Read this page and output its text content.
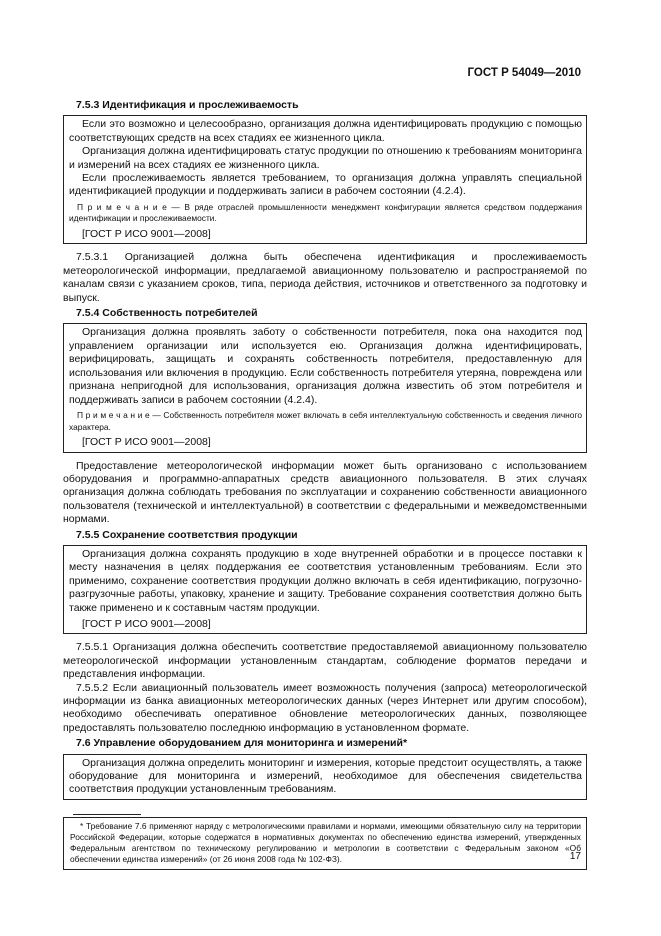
ГОСТ Р 54049—2010
7.5.3 Идентификация и прослеживаемость

Если это возможно и целесообразно, организация должна идентифицировать продукцию с помощью соответствующих средств на всех стадиях ее жизненного цикла.

Организация должна идентифицировать статус продукции по отношению к требованиям мониторинга и измерений на всех стадиях ее жизненного цикла.

Если прослеживаемость является требованием, то организация должна управлять специальной идентификацией продукции и поддерживать записи в рабочем состоянии (4.2.4).

П р и м е ч а н и е — В ряде отраслей промышленности менеджмент конфигурации является средством поддержания идентификации и прослеживаемости.
[ГОСТ Р ИСО 9001—2008]

7.5.3.1 Организацией должна быть обеспечена идентификация и прослеживаемость метеорологической информации, предлагаемой авиационному пользователю и распространяемой по каналам связи с указанием сроков, типа, периода действия, источников и ответственного за подготовку и выпуск.

7.5.4 Собственность потребителей

Организация должна проявлять заботу о собственности потребителя, пока она находится под управлением организации или используется ею. Организация должна идентифицировать, верифицировать, защищать и сохранять собственность потребителя, предоставленную для использования или включения в продукцию. Если собственность потребителя утеряна, повреждена или признана непригодной для использования, организация должна известить об этом потребителя и поддерживать записи в рабочем состоянии (4.2.4).

П р и м е ч а н и е — Собственность потребителя может включать в себя интеллектуальную собственность и сведения личного характера.
[ГОСТ Р ИСО 9001—2008]

Предоставление метеорологической информации может быть организовано с использованием оборудования и программно-аппаратных средств авиационного пользователя. В этих случаях организация должна соблюдать требования по эксплуатации и сохранению собственности авиационного пользователя (технической и интеллектуальной) в соответствии с федеральными и межведомственными нормами.

7.5.5 Сохранение соответствия продукции

Организация должна сохранять продукцию в ходе внутренней обработки и в процессе поставки к месту назначения в целях поддержания ее соответствия установленным требованиям. Если это применимо, сохранение соответствия продукции должно включать в себя идентификацию, погрузочно-разгрузочные работы, упаковку, хранение и защиту. Требование сохранения соответствия должно быть также применено и к составным частям продукции.

[ГОСТ Р ИСО 9001—2008]

7.5.5.1 Организация должна обеспечить соответствие предоставляемой авиационному пользователю метеорологической информации установленным стандартам, соблюдение форматов передачи и представления информации.

7.5.5.2 Если авиационный пользователь имеет возможность получения (запроса) метеорологической информации из банка авиационных метеорологических данных (через Интернет или другим способом), необходимо обеспечивать оперативное обновление метеорологических данных, позволяющее предоставлять пользователю последнюю информацию в установленном формате.

7.6 Управление оборудованием для мониторинга и измерений*

Организация должна определить мониторинг и измерения, которые предстоит осуществлять, а также оборудование для мониторинга и измерений, необходимое для обеспечения свидетельства соответствия продукции установленным требованиям.

* Требование 7.6 применяют наряду с метрологическими правилами и нормами, имеющими обязательную силу на территории Российской Федерации, которые содержатся в нормативных документах по обеспечению единства измерений, утвержденных Федеральным агентством по техническому регулированию и метрологии в соответствии с Федеральным законом «Об обеспечении единства измерений» (от 26 июня 2008 года № 102-ФЗ).	17
